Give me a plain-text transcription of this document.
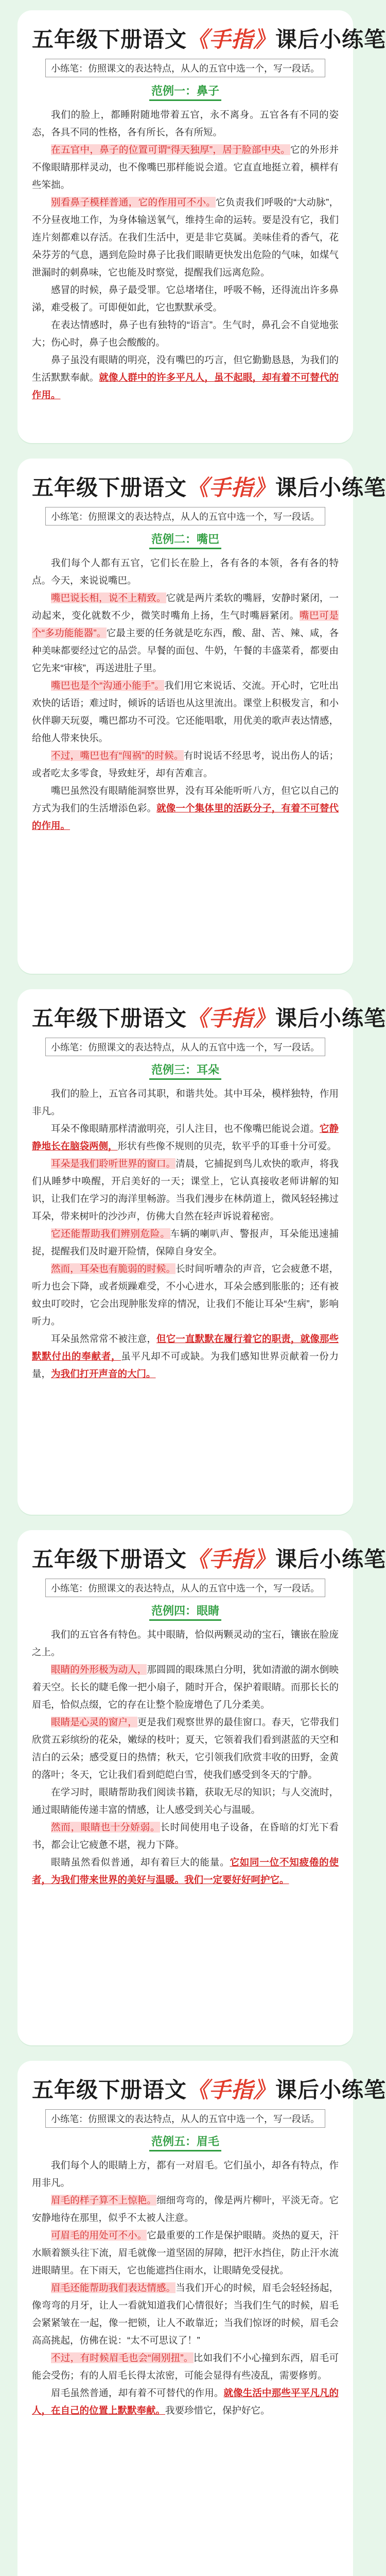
五年级下册语文《手指》课后小练笔
小练笔：仿照课文的表达特点，从人的五官中选一个，写一段话。
范例一：鼻子

我们的脸上，都睡附随地带着五官，永不离身。五官各有不同的姿态，各具不同的性格，各有所长，各有所短。

在五官中，鼻子的位置可谓“得天独厚”，居于脸部中央。它的外形并不像眼睛那样灵动，也不像嘴巴那样能说会道。它直直地挺立着，横样有些笨拙。

别看鼻子模样普通，它的作用可不小。它负责我们呼吸的“大动脉”，不分昼夜地工作，为身体输送氧气，维持生命的运转。要是没有它，我们连片刻都难以存活。在我们生活中，更是非它莫属。美味佳肴的香气，花朵芬芳的气息，遇到危险时鼻子比我们眼睛更快发出危险的气味，如煤气泄漏时的刺鼻味，它也能及时察觉，提醒我们远离危险。

感冒的时候，鼻子最受罪。它总堵堵住，呼吸不畅，还得流出许多鼻涕，难受极了。可即便如此，它也默默承受。

在表达情感时，鼻子也有独特的“语言”。生气时，鼻孔会不自觉地张大；伤心时，鼻子也会酸酸的。

鼻子虽没有眼睛的明亮，没有嘴巴的巧言，但它勤勤恳恳，为我们的生活默默奉献。就像人群中的许多平凡人，虽不起眼，却有着不可替代的作用。

五年级下册语文《手指》课后小练笔
小练笔：仿照课文的表达特点，从人的五官中选一个，写一段话。
范例二：嘴巴

我们每个人都有五官，它们长在脸上，各有各的本领，各有各的特点。今天，来说说嘴巴。

嘴巴说长相，说不上精致。它就是两片柔软的嘴唇，安静时紧闭，一动起来，变化就数不少，微笑时嘴角上扬，生气时嘴唇紧闭。嘴巴可是个“多功能能器”。它最主要的任务就是吃东西，酸、甜、苦、辣、咸，各种美味都要经过它的品尝。早餐的面包、牛奶，午餐的丰盛菜肴，都要由它先来“审核”，再送进肚子里。

嘴巴也是个“沟通小能手”。我们用它来说话、交流。开心时，它吐出欢快的话语；难过时，倾诉的话语也从这里流出。课堂上积极发言，和小伙伴聊天玩耍，嘴巴都功不可没。它还能唱歌，用优美的歌声表达情感，给他人带来快乐。

不过，嘴巴也有“闯祸”的时候。有时说话不经思考，说出伤人的话；或者吃太多零食，导致蛀牙，却有苦难言。

嘴巴虽然没有眼睛能洞察世界，没有耳朵能听听八方，但它以自己的方式为我们的生活增添色彩。就像一个集体里的活跃分子，有着不可替代的作用。

五年级下册语文《手指》课后小练笔
小练笔：仿照课文的表达特点，从人的五官中选一个，写一段话。
范例三：耳朵

我们的脸上，五官各司其职，和谐共处。其中耳朵，模样独特，作用非凡。

耳朵不像眼睛那样清澈明亮，引人注目，也不像嘴巴能说会道。它静静地长在脑袋两侧，形状有些像不规则的贝壳，软平乎的耳垂十分可爱。

耳朵是我们聆听世界的窗口。清晨，它捕捉到鸟儿欢快的歌声，将我们从睡梦中唤醒，开启美好的一天；课堂上，它认真接收老师讲解的知识，让我们在学习的海洋里畅游。当我们漫步在林荫道上，微风轻轻拂过耳朵，带来树叶的沙沙声，仿佛大自然在轻声诉说着秘密。

它还能帮助我们辨别危险。车辆的喇叭声、警报声，耳朵能迅速捕捉，提醒我们及时避开险情，保障自身安全。

然而，耳朵也有脆弱的时候。长时间听嘈杂的声音，它会疲惫不堪，听力也会下降，或者烦躁难受，不小心进水，耳朵会感到胀胀的；还有被蚊虫叮咬时，它会出现肿胀发痒的情况，让我们不能让耳朵“生病”，影响听力。

耳朵虽然常常不被注意，但它一直默默在履行着它的职责，就像那些默默付出的奉献者，虽平凡却不可或缺。为我们感知世界贡献着一份力量，为我们打开声音的大门。

五年级下册语文《手指》课后小练笔
小练笔：仿照课文的表达特点，从人的五官中选一个，写一段话。
范例四：眼睛

我们的五官各有特色。其中眼睛，恰似两颗灵动的宝石，镶嵌在脸庞之上。

眼睛的外形极为动人，那圆圆的眼珠黑白分明，犹如清澈的湖水倒映着天空。长长的睫毛像一把小扇子，随时开合，保护着眼睛。而那长长的眉毛，恰似点缀，它的存在让整个脸庞增色了几分柔美。

眼睛是心灵的窗户，更是我们观察世界的最佳窗口。春天，它带我们欣赏五彩缤纷的花朵，嫩绿的枝叶；夏天，它领着我们看到湛蓝的天空和洁白的云朵；感受夏日的热情；秋天，它引领我们欣赏丰收的田野，金黄的落叶；冬天，它让我们看到皑皑白雪，使我们感受到冬天的宁静。

在学习时，眼睛帮助我们阅读书籍，获取无尽的知识；与人交流时，通过眼睛能传递丰富的情感，让人感受到关心与温暖。

然而，眼睛也十分娇弱。长时间使用电子设备，在昏暗的灯光下看书，都会让它疲惫不堪，视力下降。

眼睛虽然看似普通，却有着巨大的能量。它如同一位不知疲倦的使者，为我们带来世界的美好与温暖。我们一定要好好呵护它。

五年级下册语文《手指》课后小练笔
小练笔：仿照课文的表达特点，从人的五官中选一个，写一段话。
范例五：眉毛

我们每个人的眼睛上方，都有一对眉毛。它们虽小，却各有特点，作用非凡。

眉毛的样子算不上惊艳。细细弯弯的，像是两片柳叶，平淡无奇。它安静地待在那里，似乎不太被人注意。

可眉毛的用处可不小。它最重要的工作是保护眼睛。炎热的夏天，汗水顺着额头往下流，眉毛就像一道坚固的屏障，把汗水挡住，防止汗水流进眼睛里。在下雨天，它也能遮挡住雨水，让眼睛免受侵扰。

眉毛还能帮助我们表达情感。当我们开心的时候，眉毛会轻轻扬起，像弯弯的月牙，让人一看就知道我们心情很好；当我们生气的时候，眉毛会紧紧皱在一起，像一把锁，让人不敢靠近；当我们惊讶的时候，眉毛会高高挑起，仿佛在说：“太不可思议了！”

不过，有时候眉毛也会“闹别扭”。比如我们不小心撞到东西，眉毛可能会受伤；有的人眉毛长得太浓密，可能会显得有些凌乱，需要修剪。

眉毛虽然普通，却有着不可替代的作用。就像生活中那些平平凡凡的人，在自己的位置上默默奉献。我要珍惜它，保护好它。
